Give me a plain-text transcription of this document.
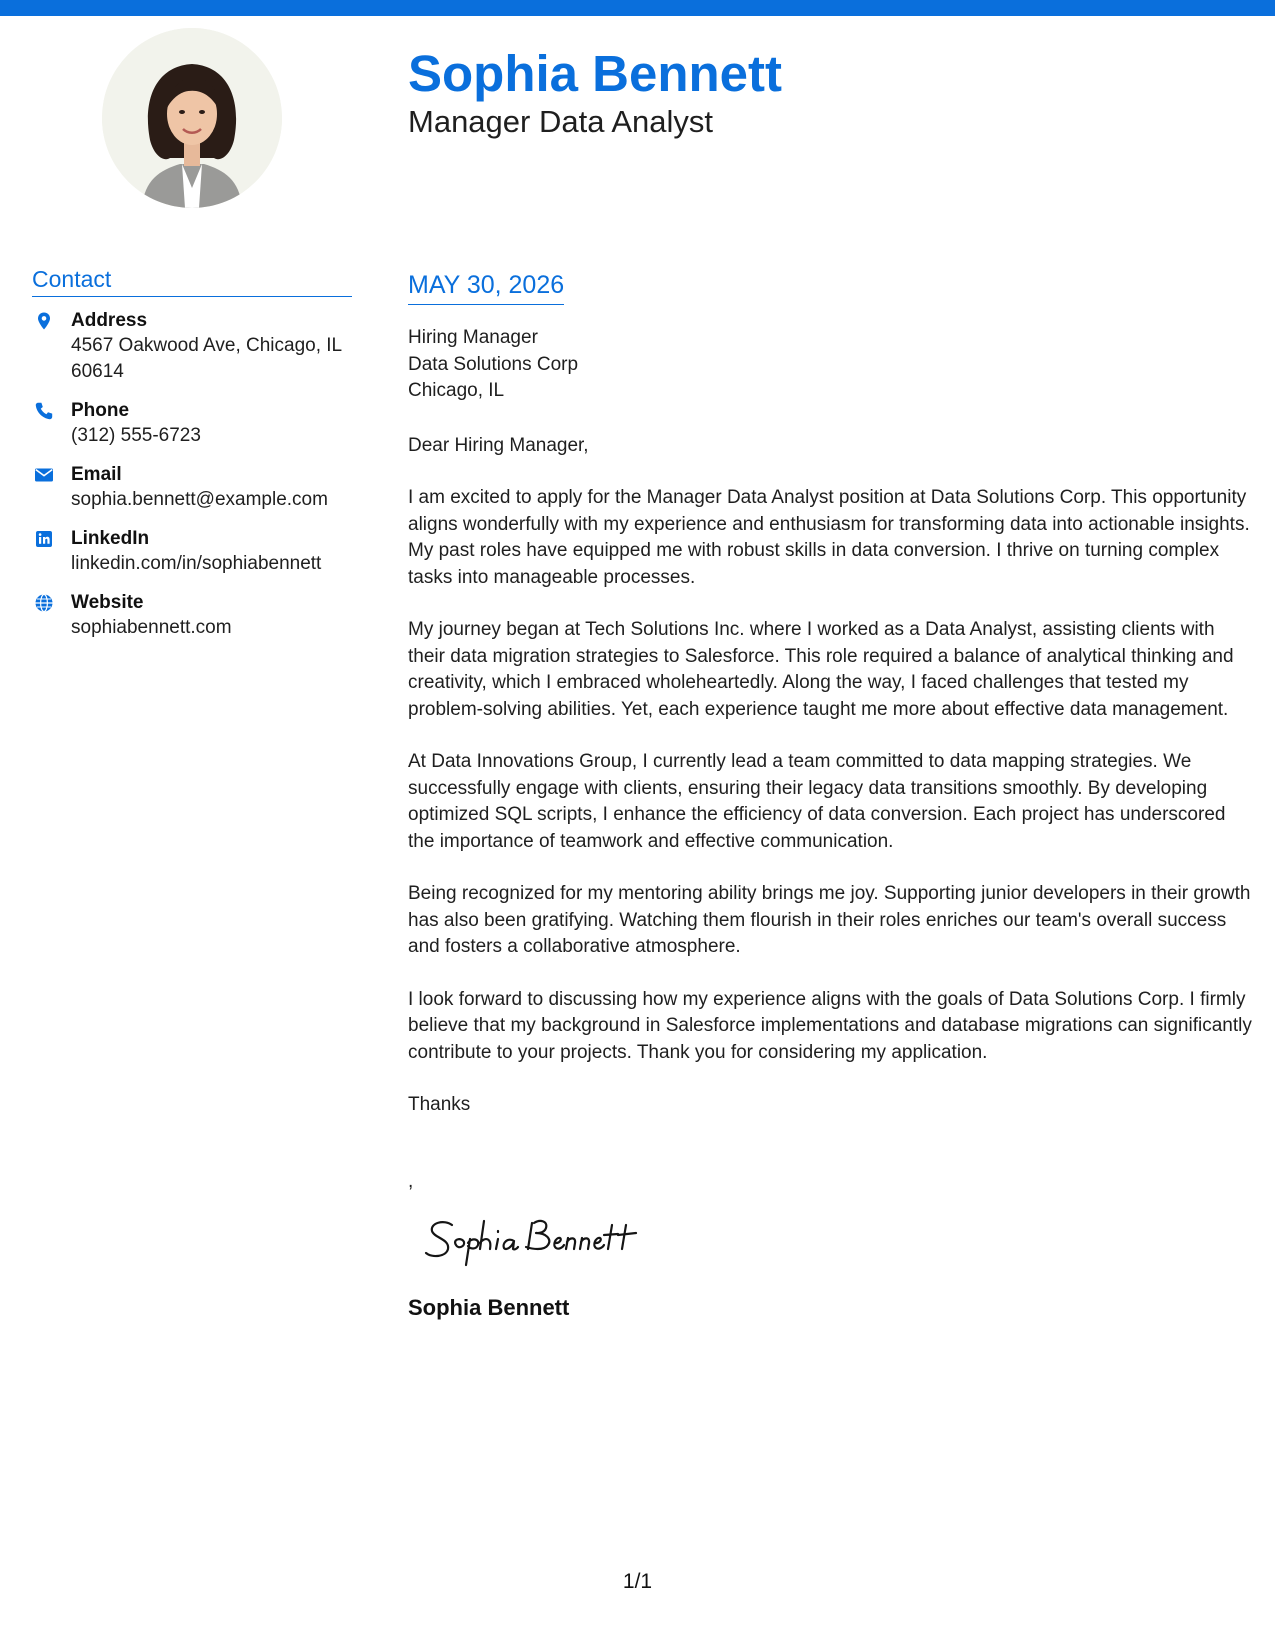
Sophia Bennett
Manager Data Analyst
Contact
Address
4567 Oakwood Ave, Chicago, IL 60614
Phone
(312) 555-6723
Email
sophia.bennett@example.com
LinkedIn
linkedin.com/in/sophiabennett
Website
sophiabennett.com
MAY 30, 2026
Hiring Manager
Data Solutions Corp
Chicago, IL
Dear Hiring Manager,

I am excited to apply for the Manager Data Analyst position at Data Solutions Corp. This opportunity aligns wonderfully with my experience and enthusiasm for transforming data into actionable insights. My past roles have equipped me with robust skills in data conversion. I thrive on turning complex tasks into manageable processes.

My journey began at Tech Solutions Inc. where I worked as a Data Analyst, assisting clients with their data migration strategies to Salesforce. This role required a balance of analytical thinking and creativity, which I embraced wholeheartedly. Along the way, I faced challenges that tested my problem-solving abilities. Yet, each experience taught me more about effective data management.

At Data Innovations Group, I currently lead a team committed to data mapping strategies. We successfully engage with clients, ensuring their legacy data transitions smoothly. By developing optimized SQL scripts, I enhance the efficiency of data conversion. Each project has underscored the importance of teamwork and effective communication.

Being recognized for my mentoring ability brings me joy. Supporting junior developers in their growth has also been gratifying. Watching them flourish in their roles enriches our team's overall success and fosters a collaborative atmosphere.

I look forward to discussing how my experience aligns with the goals of Data Solutions Corp. I firmly believe that my background in Salesforce implementations and database migrations can significantly contribute to your projects. Thank you for considering my application.

Thanks
,
Sophia Bennett
1/1
